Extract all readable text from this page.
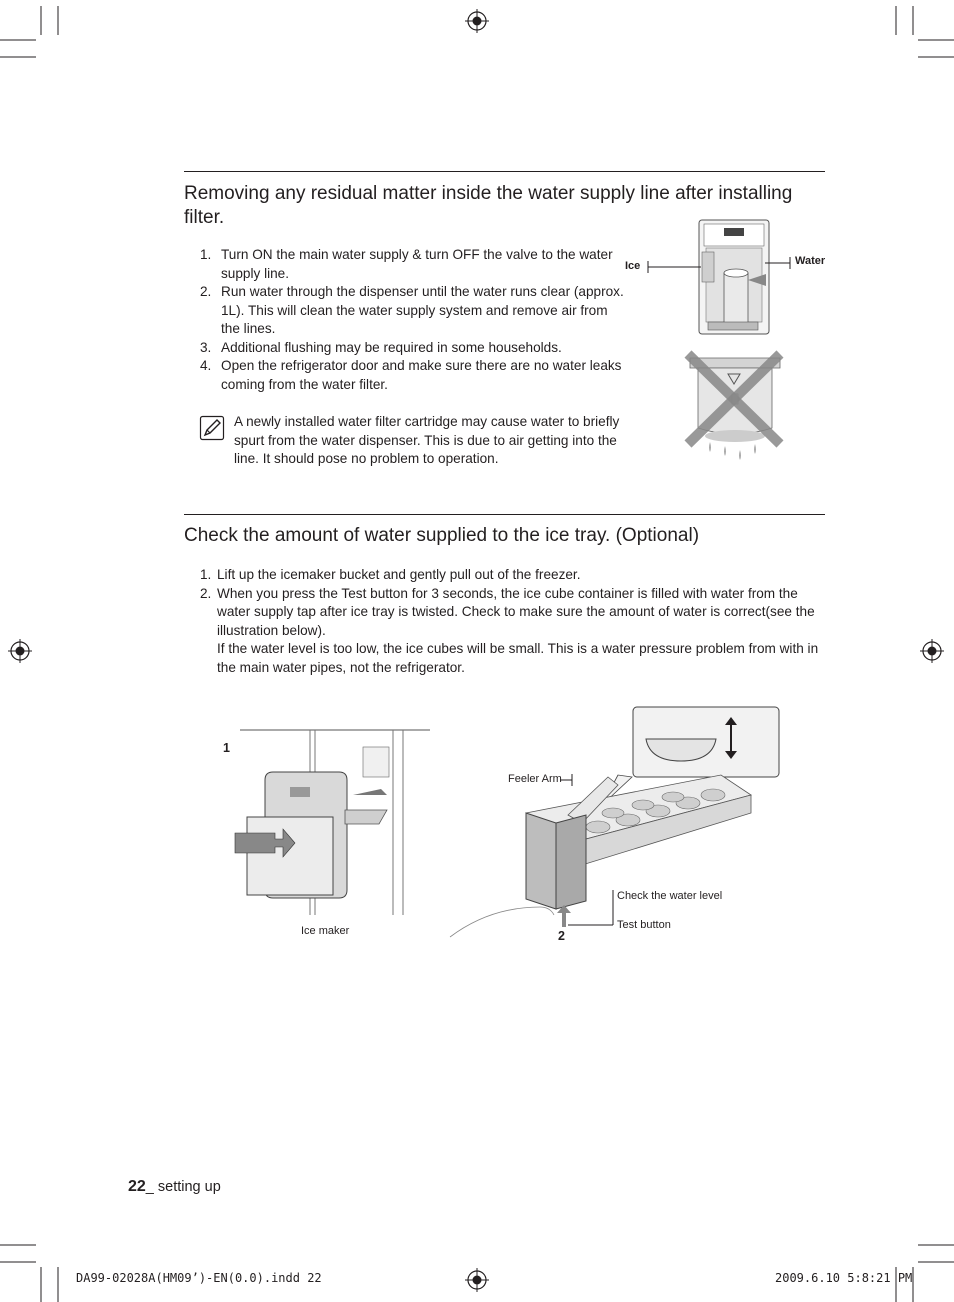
Removing any residual matter inside the water supply line after installing filter.
1. Turn ON the main water supply & turn OFF the valve to the water supply line.
2. Run water through the dispenser until the water runs clear (approx. 1L). This will clean the water supply system and remove air from the lines.
3. Additional flushing may be required in some households.
4. Open the refrigerator door and make sure there are no water leaks coming from the water filter.
A newly installed water filter cartridge may cause water to briefly spurt from the water dispenser. This is due to air getting into the line. It should pose no problem to operation.
Ice	Water
Check the amount of water supplied to the ice tray. (Optional)
1. Lift up the icemaker bucket and gently pull out of the freezer.
2. When you press the Test button for 3 seconds, the ice cube container is filled with water from the water supply tap after ice tray is twisted. Check to make sure the amount of water is correct(see the illustration below).
If the water level is too low, the ice cubes will be small. This is a water pressure problem from with in the main water pipes, not the refrigerator.
1
Ice maker
Feeler Arm
Check the water level
Test button
2
22_ setting up
DA99-02028A(HM09’)-EN(0.0).indd 22	2009.6.10 5:8:21 PM
